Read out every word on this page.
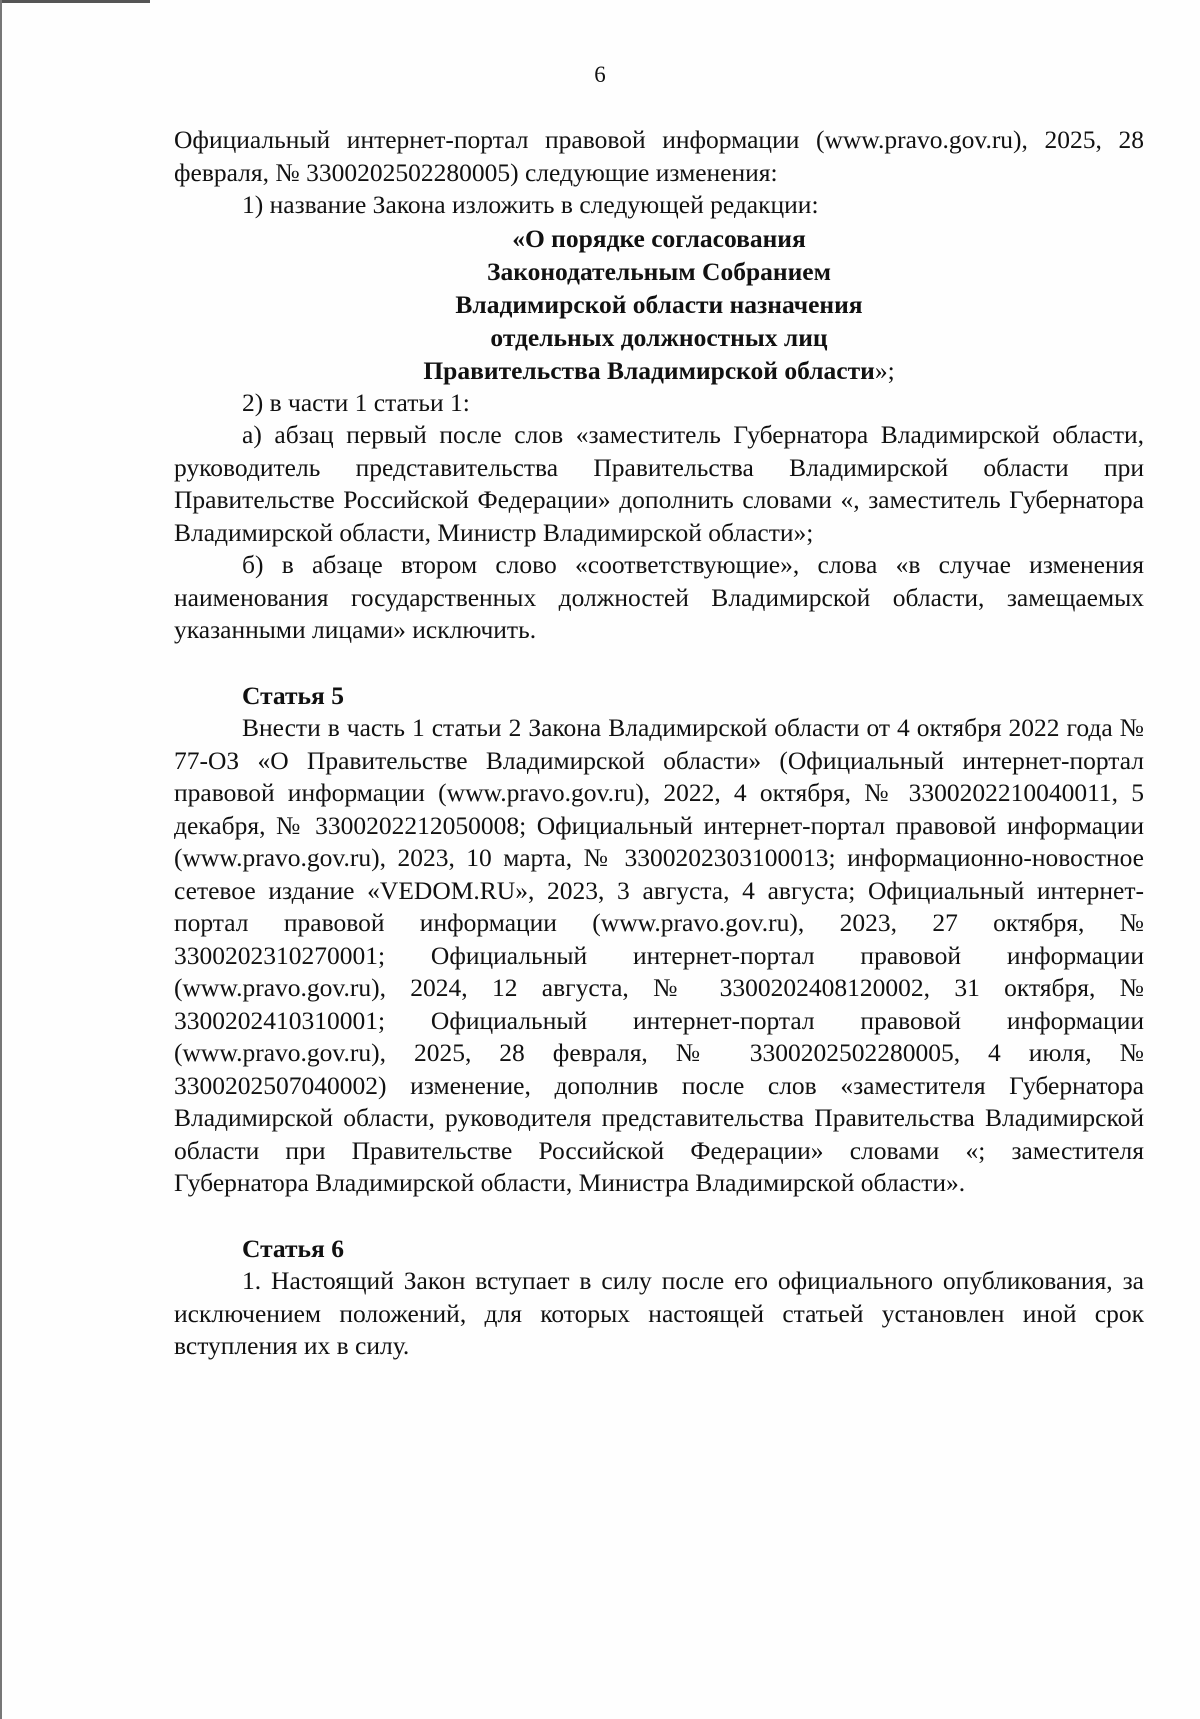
6

Официальный интернет-портал правовой информации (www.pravo.gov.ru), 2025, 28 февраля, № 3300202502280005) следующие изменения:

1) название Закона изложить в следующей редакции:

«О порядке согласования
Законодательным Собранием
Владимирской области назначения
отдельных должностных лиц
Правительства Владимирской области»;

2) в части 1 статьи 1:

а) абзац первый после слов «заместитель Губернатора Владимирской области, руководитель представительства Правительства Владимирской области при Правительстве Российской Федерации» дополнить словами «, заместитель Губернатора Владимирской области, Министр Владимирской области»;

б) в абзаце втором слово «соответствующие», слова «в случае изменения наименования государственных должностей Владимирской области, замещаемых указанными лицами» исключить.

Статья 5

Внести в часть 1 статьи 2 Закона Владимирской области от 4 октября 2022 года № 77-ОЗ «О Правительстве Владимирской области» (Официальный интернет-портал правовой информации (www.pravo.gov.ru), 2022, 4 октября, № 3300202210040011, 5 декабря, № 3300202212050008; Официальный интернет-портал правовой информации (www.pravo.gov.ru), 2023, 10 марта, № 3300202303100013; информационно-новостное сетевое издание «VEDOM.RU», 2023, 3 августа, 4 августа; Официальный интернет-портал правовой информации (www.pravo.gov.ru), 2023, 27 октября, № 3300202310270001; Официальный интернет-портал правовой информации (www.pravo.gov.ru), 2024, 12 августа, № 3300202408120002, 31 октября, № 3300202410310001; Официальный интернет-портал правовой информации (www.pravo.gov.ru), 2025, 28 февраля, № 3300202502280005, 4 июля, № 3300202507040002) изменение, дополнив после слов «заместителя Губернатора Владимирской области, руководителя представительства Правительства Владимирской области при Правительстве Российской Федерации» словами «; заместителя Губернатора Владимирской области, Министра Владимирской области».

Статья 6

1. Настоящий Закон вступает в силу после его официального опубликования, за исключением положений, для которых настоящей статьей установлен иной срок вступления их в силу.
